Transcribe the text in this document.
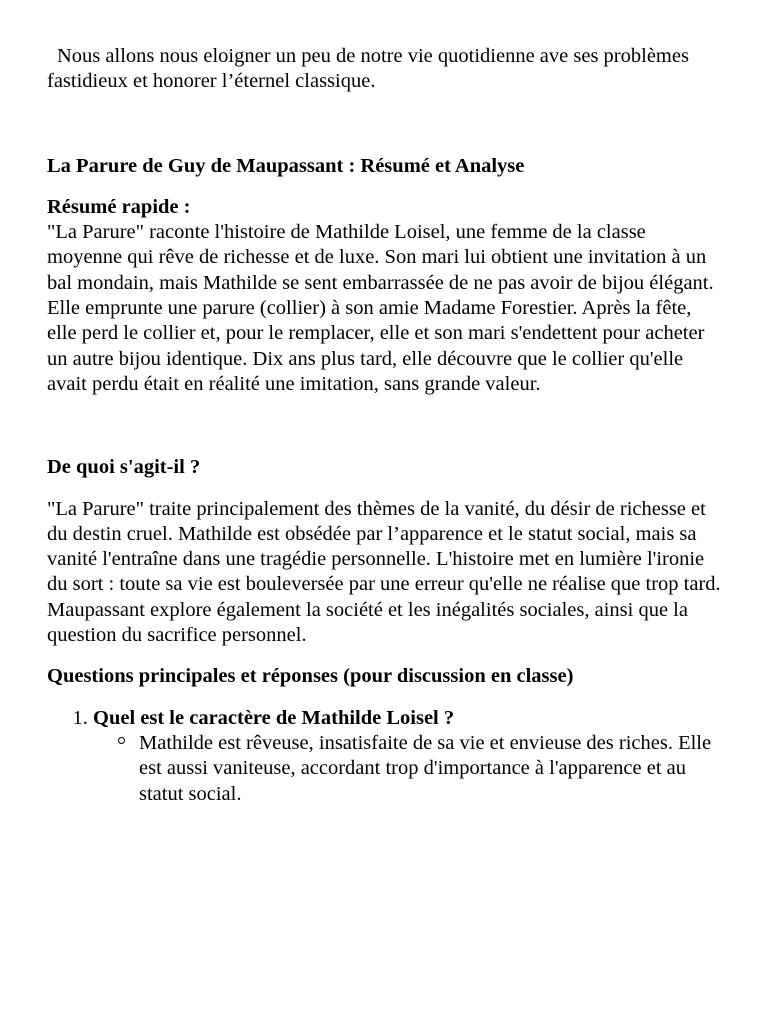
Nous allons nous eloigner un peu de notre vie quotidienne ave ses problèmes fastidieux et honorer l’éternel classique.

La Parure de Guy de Maupassant : Résumé et Analyse

Résumé rapide :

"La Parure" raconte l'histoire de Mathilde Loisel, une femme de la classe moyenne qui rêve de richesse et de luxe. Son mari lui obtient une invitation à un bal mondain, mais Mathilde se sent embarrassée de ne pas avoir de bijou élégant. Elle emprunte une parure (collier) à son amie Madame Forestier. Après la fête, elle perd le collier et, pour le remplacer, elle et son mari s'endettent pour acheter un autre bijou identique. Dix ans plus tard, elle découvre que le collier qu'elle avait perdu était en réalité une imitation, sans grande valeur.

De quoi s'agit-il ?

"La Parure" traite principalement des thèmes de la vanité, du désir de richesse et du destin cruel. Mathilde est obsédée par l’apparence et le statut social, mais sa vanité l'entraîne dans une tragédie personnelle. L'histoire met en lumière l'ironie du sort : toute sa vie est bouleversée par une erreur qu'elle ne réalise que trop tard. Maupassant explore également la société et les inégalités sociales, ainsi que la question du sacrifice personnel.

Questions principales et réponses (pour discussion en classe)

1. Quel est le caractère de Mathilde Loisel ?
Mathilde est rêveuse, insatisfaite de sa vie et envieuse des riches. Elle est aussi vaniteuse, accordant trop d'importance à l'apparence et au statut social.
